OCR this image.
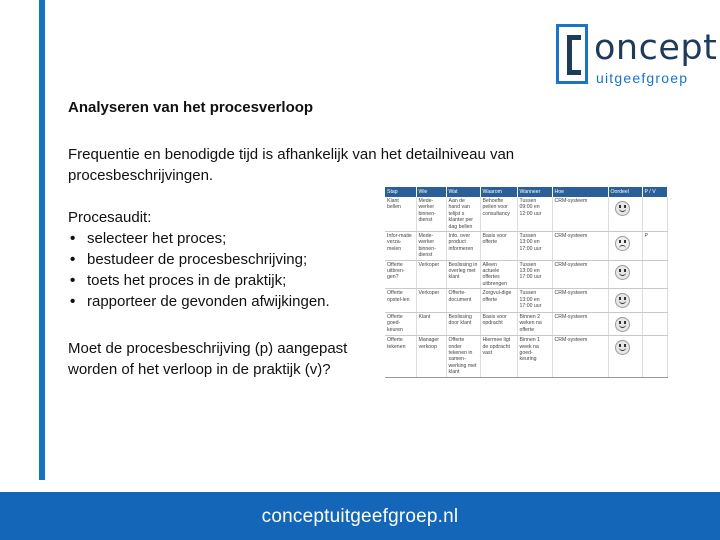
oncept
uitgeefgroep
Analyseren van het procesverloop
Frequentie en benodigde tijd is afhankelijk van het detailniveau van procesbeschrijvingen.
Procesaudit:
• selecteer het proces;
• bestudeer de procesbeschrijving;
• toets het proces in de praktijk;
• rapporteer de gevonden afwijkingen.
Moet de procesbeschrijving (p) aangepast worden of het verloop in de praktijk (v)?
Stap	Wie	Wat	Waarom	Wanneer	Hoe	Oordeel	P / V
Klant bellen	Mede-werker binnen-dienst	Aan de hand van telijst s klanter per dag bellen	Behoefte peilen voor consultancy	Tussen 09:00 en 12:00 uur	CRM-systeem		
Infor-matie verza-melen	Mede-werker binnen-dienst	Info. over product informeren	Basis voor offerte	Tussen 13:00 en 17:00 uur	CRM-systeem		P
Offerte uitbren-gen?	Verkoper	Beslissing in overleg met klant	Alleen actuele offertes uitbrengen	Tussen 13:00 en 17:00 uur	CRM-systeem		
Offerte opstel-len	Verkoper	Offerte-document	Zorgvul-dige offerte	Tussen 13:00 en 17:00 uur	CRM-systeem		
Offerte goed-keuren	Klant	Beslissing door klant	Basis voor opdracht	Binnen 2 weken na offerte	CRM-systeem		
Offerte tekenen	Manager verkoop	Offerte onder tekenen in samen-werking met klant	Hiermee ligt de opdracht vast	Binnen 1 week na goed-keuring	CRM-systeem		
conceptuitgeefgroep.nl
